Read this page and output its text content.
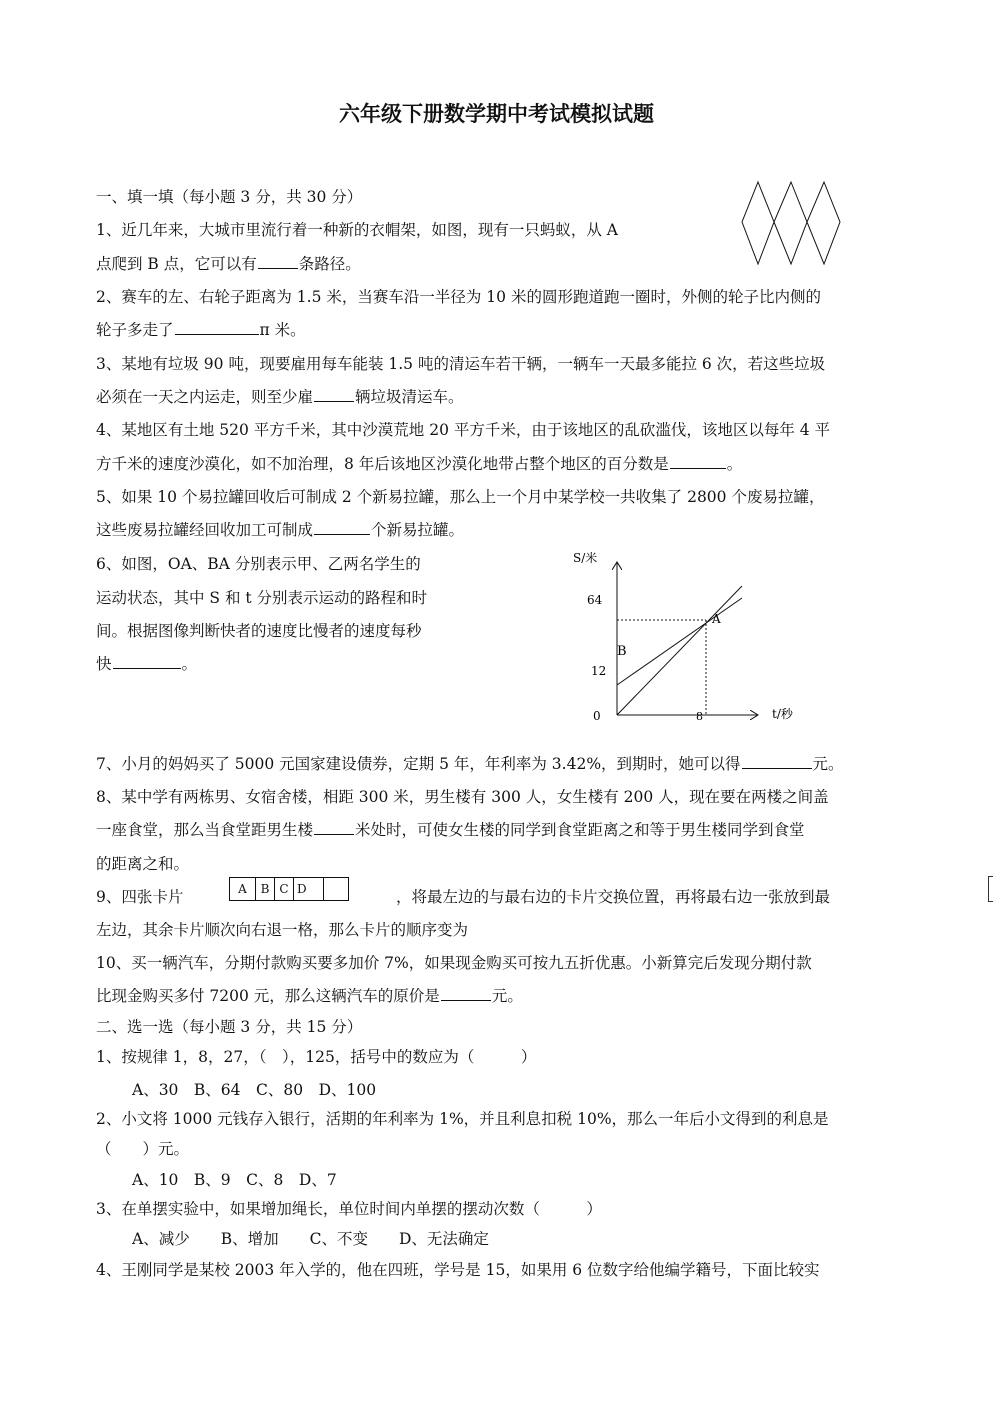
六年级下册数学期中考试模拟试题
一、填一填（每小题 3 分，共 30 分）
1、近几年来，大城市里流行着一种新的衣帽架，如图，现有一只蚂蚁，从 A
点爬到 B 点，它可以有	条路径。
2、赛车的左、右轮子距离为 1.5 米，当赛车沿一半径为 10 米的圆形跑道跑一圈时，外侧的轮子比内侧的
轮子多走了	π 米。
3、某地有垃圾 90 吨，现要雇用每车能装 1.5 吨的清运车若干辆，一辆车一天最多能拉 6 次，若这些垃圾
必须在一天之内运走，则至少雇	辆垃圾清运车。
4、某地区有土地 520 平方千米，其中沙漠荒地 20 平方千米，由于该地区的乱砍滥伐，该地区以每年 4 平
方千米的速度沙漠化，如不加治理，8 年后该地区沙漠化地带占整个地区的百分数是	。
5、如果 10 个易拉罐回收后可制成 2 个新易拉罐，那么上一个月中某学校一共收集了 2800 个废易拉罐，
这些废易拉罐经回收加工可制成	个新易拉罐。
6、如图，OA、BA 分别表示甲、乙两名学生的
运动状态，其中 S 和 t 分别表示运动的路程和时
间。根据图像判断快者的速度比慢者的速度每秒
快	。
S/米
64
12
0	8	t/秒
A
B
7、小月的妈妈买了 5000 元国家建设债券，定期 5 年，年利率为 3.42%，到期时，她可以得	元。
8、某中学有两栋男、女宿舍楼，相距 300 米，男生楼有 300 人，女生楼有 200 人，现在要在两楼之间盖
一座食堂，那么当食堂距男生楼	米处时，可使女生楼的同学到食堂距离之和等于男生楼同学到食堂
的距离之和。
9、四张卡片	A	B C D	，将最左边的与最右边的卡片交换位置，再将最右边一张放到最
左边，其余卡片顺次向右退一格，那么卡片的顺序变为
10、买一辆汽车，分期付款购买要多加价 7%，如果现金购买可按九五折优惠。小新算完后发现分期付款
比现金购买多付 7200 元，那么这辆汽车的原价是	元。
二、选一选（每小题 3 分，共 15 分）
1、按规律 1，8，27，（　），125，括号中的数应为（　　　）
A、30　B、64　C、80　D、100
2、小文将 1000 元钱存入银行，活期的年利率为 1%，并且利息扣税 10%，那么一年后小文得到的利息是
（　　）元。
A、10　B、9　C、8　D、7
3、在单摆实验中，如果增加绳长，单位时间内单摆的摆动次数（　　　）
A、减少　　B、增加　　C、不变　　D、无法确定
4、王刚同学是某校 2003 年入学的，他在四班，学号是 15，如果用 6 位数字给他编学籍号，下面比较实
